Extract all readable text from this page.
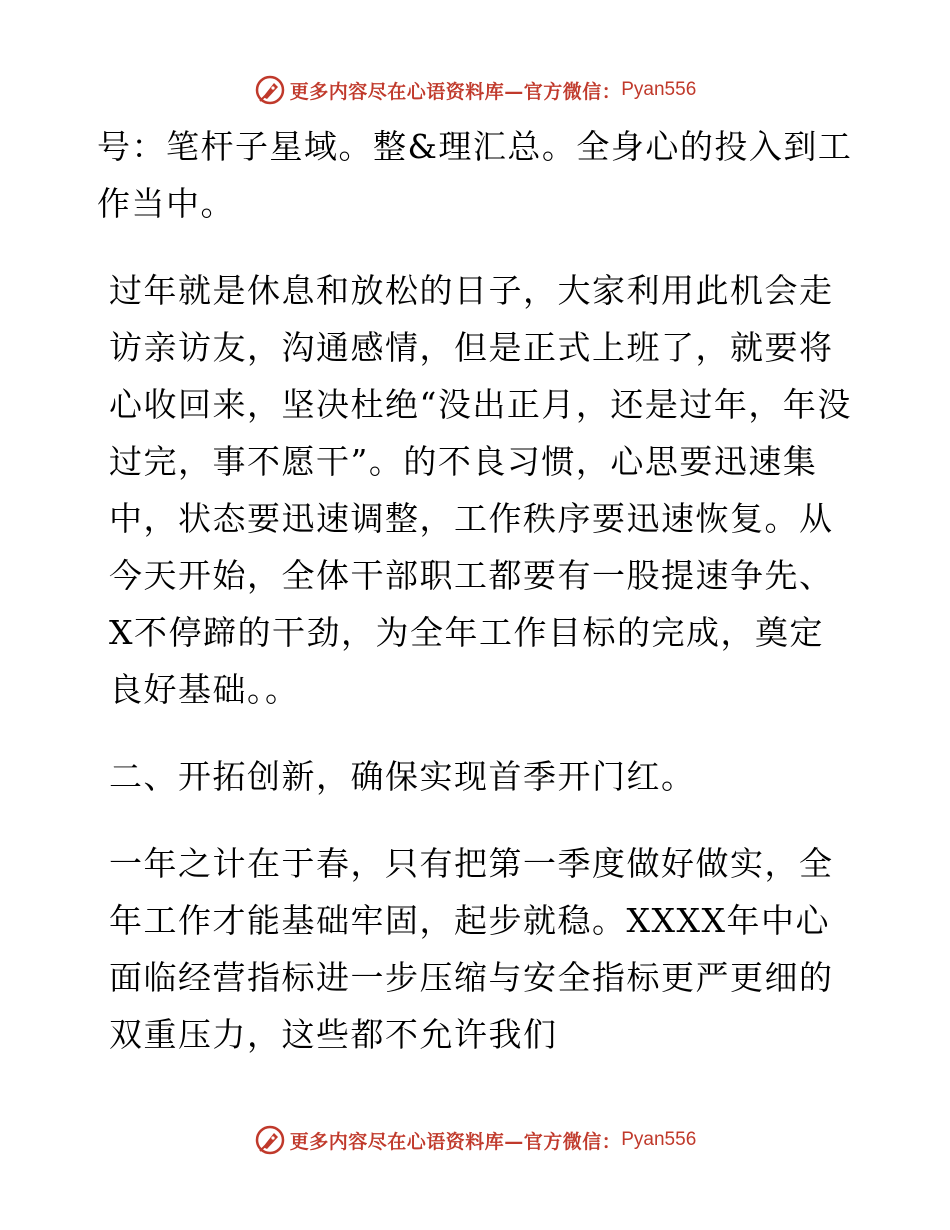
更多内容尽在心语资料库—官方微信： Pyan556

号：笔杆子星域。整&理汇总。全身心的投入到工作当中。

过年就是休息和放松的日子，大家利用此机会走访亲访友，沟通感情，但是正式上班了，就要将心收回来，坚决杜绝“没出正月，还是过年，年没过完，事不愿干”。的不良习惯，心思要迅速集中，状态要迅速调整，工作秩序要迅速恢复。从今天开始，全体干部职工都要有一股提速争先、X不停蹄的干劲，为全年工作目标的完成，奠定良好基础。。

二、开拓创新，确保实现首季开门红。

一年之计在于春，只有把第一季度做好做实，全年工作才能基础牢固，起步就稳。XXXX年中心面临经营指标进一步压缩与安全指标更严更细的双重压力，这些都不允许我们

更多内容尽在心语资料库—官方微信： Pyan556
